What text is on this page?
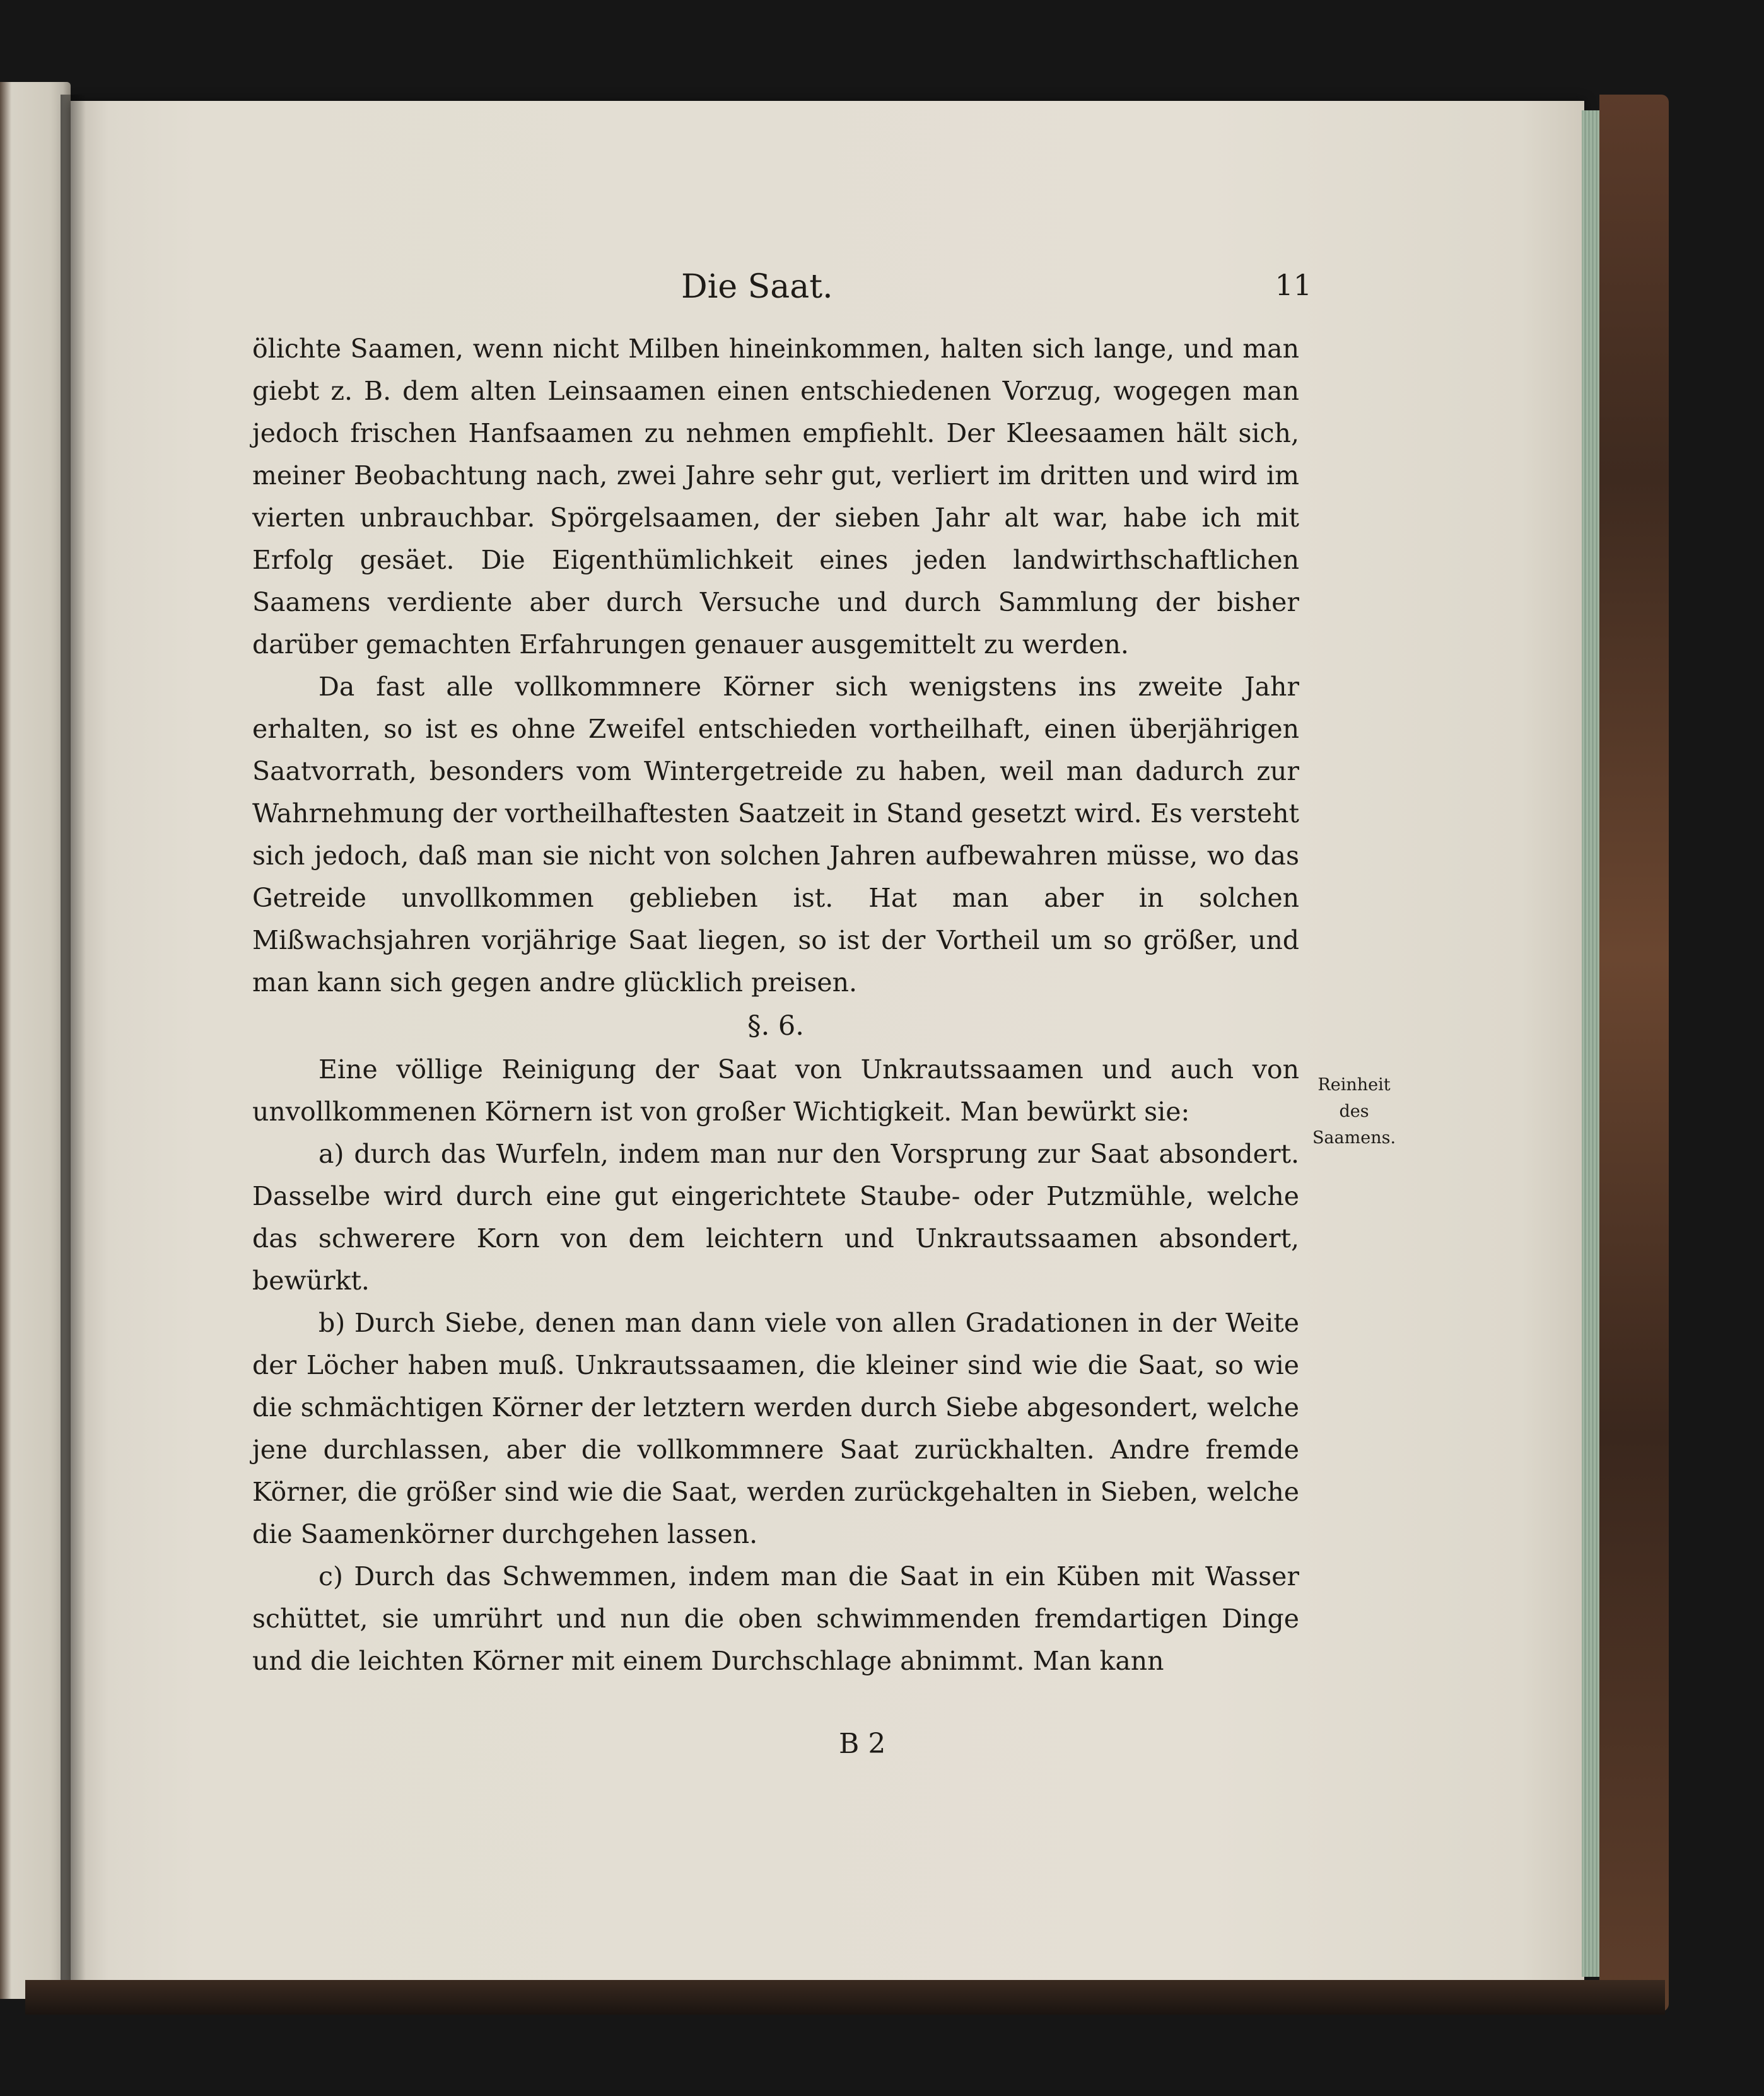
Die Saat.	11

ölichte Saamen, wenn nicht Milben hineinkommen, halten sich lange, und man giebt z. B. dem alten Leinsaamen einen entschiedenen Vorzug, wogegen man jedoch frischen Hanfsaamen zu nehmen empfiehlt. Der Kleesaamen hält sich, meiner Beobachtung nach, zwei Jahre sehr gut, verliert im dritten und wird im vierten unbrauchbar. Spörgelsaamen, der sieben Jahr alt war, habe ich mit Erfolg gesäet. Die Eigenthümlichkeit eines jeden landwirthschaftlichen Saamens verdiente aber durch Versuche und durch Sammlung der bisher darüber gemachten Erfahrungen genauer ausgemittelt zu werden.

Da fast alle vollkommnere Körner sich wenigstens ins zweite Jahr erhalten, so ist es ohne Zweifel entschieden vortheilhaft, einen überjährigen Saatvorrath, besonders vom Wintergetreide zu haben, weil man dadurch zur Wahrnehmung der vortheilhaftesten Saatzeit in Stand gesetzt wird. Es versteht sich jedoch, daß man sie nicht von solchen Jahren aufbewahren müsse, wo das Getreide unvollkommen geblieben ist. Hat man aber in solchen Mißwachsjahren vorjährige Saat liegen, so ist der Vortheil um so größer, und man kann sich gegen andre glücklich preisen.

§. 6.

Eine völlige Reinigung der Saat von Unkrautssaamen und auch von unvollkommenen Körnern ist von großer Wichtigkeit. Man bewürkt sie:

a) durch das Wurfeln, indem man nur den Vorsprung zur Saat absondert. Dasselbe wird durch eine gut eingerichtete Staube- oder Putzmühle, welche das schwerere Korn von dem leichtern und Unkrautssaamen absondert, bewürkt.

b) Durch Siebe, denen man dann viele von allen Gradationen in der Weite der Löcher haben muß. Unkrautssaamen, die kleiner sind wie die Saat, so wie die schmächtigen Körner der letztern werden durch Siebe abgesondert, welche jene durchlassen, aber die vollkommnere Saat zurückhalten. Andre fremde Körner, die größer sind wie die Saat, werden zurückgehalten in Sieben, welche die Saamenkörner durchgehen lassen.

c) Durch das Schwemmen, indem man die Saat in ein Küben mit Wasser schüttet, sie umrührt und nun die oben schwimmenden fremdartigen Dinge und die leichten Körner mit einem Durchschlage abnimmt. Man kann

Reinheit des Saamens.
B 2
